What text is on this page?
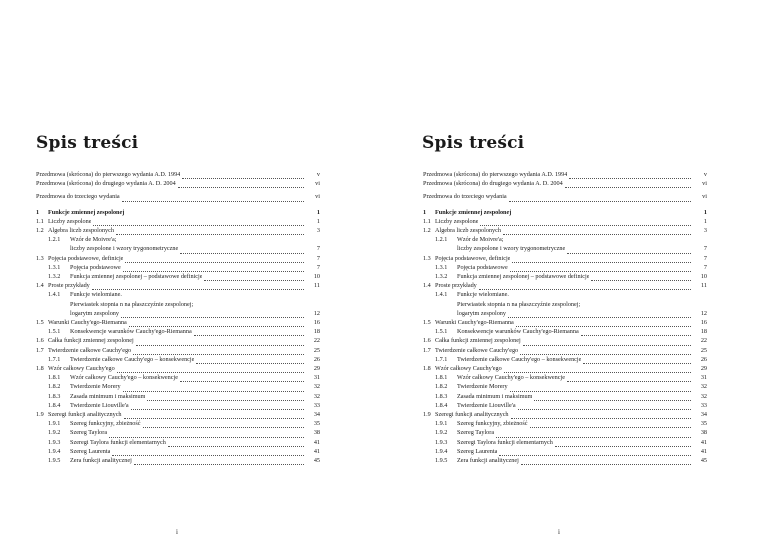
Spis treści
Przedmowa (skrócona) do pierwszego wydania A.D. 1994	v
Przedmowa (skrócona) do drugiego wydania A. D. 2004	vi
Przedmowa do trzeciego wydania	vi
1	Funkcje zmiennej zespolonej	1
1.1 Liczby zespolone	1
1.2 Algebra liczb zespolonych	3
1.2.1	Wzór de Moivre'a;
liczby zespolone i wzory trygonometryczne	7
1.3 Pojęcia podstawowe, definicje	7
1.3.1	Pojęcia podstawowe	7
1.3.2	Funkcja zmiennej zespolonej – podstawowe definicje	10
1.4 Proste przykłady	11
1.4.1	Funkcje wielomiane.
Pierwiastek stopnia n na płaszczyźnie zespolonej;
logarytm zespolony	12
1.5 Warunki Cauchy'ego-Riemanna	16
1.5.1	Konsekwencje warunków Cauchy'ego-Riemanna	18
1.6 Całka funkcji zmiennej zespolonej	22
1.7 Twierdzenie całkowe Cauchy'ego	25
1.7.1	Twierdzenie całkowe Cauchy'ego – konsekwencje	26
1.8 Wzór całkowy Cauchy'ego	29
1.8.1	Wzór całkowy Cauchy'ego – konsekwencje	31
1.8.2	Twierdzenie Morery	32
1.8.3	Zasada minimum i maksimum	32
1.8.4	Twierdzenie Liouville'a	33
1.9 Szeregi funkcji analitycznych	34
1.9.1	Szereg funkcyjny, zbieżność	35
1.9.2	Szereg Taylora	38
1.9.3	Szeregi Taylora funkcji elementarnych	41
1.9.4	Szereg Laurenta	41
1.9.5	Zera funkcji analitycznej	45
i
Spis treści
Przedmowa (skrócona) do pierwszego wydania A.D. 1994	v
Przedmowa (skrócona) do drugiego wydania A. D. 2004	vi
Przedmowa do trzeciego wydania	vi
1	Funkcje zmiennej zespolonej	1
1.1 Liczby zespolone	1
1.2 Algebra liczb zespolonych	3
1.2.1	Wzór de Moivre'a;
liczby zespolone i wzory trygonometryczne	7
1.3 Pojęcia podstawowe, definicje	7
1.3.1	Pojęcia podstawowe	7
1.3.2	Funkcja zmiennej zespolonej – podstawowe definicje	10
1.4 Proste przykłady	11
1.4.1	Funkcje wielomiane.
Pierwiastek stopnia n na płaszczyźnie zespolonej;
logarytm zespolony	12
1.5 Warunki Cauchy'ego-Riemanna	16
1.5.1	Konsekwencje warunków Cauchy'ego-Riemanna	18
1.6 Całka funkcji zmiennej zespolonej	22
1.7 Twierdzenie całkowe Cauchy'ego	25
1.7.1	Twierdzenie całkowe Cauchy'ego – konsekwencje	26
1.8 Wzór całkowy Cauchy'ego	29
1.8.1	Wzór całkowy Cauchy'ego – konsekwencje	31
1.8.2	Twierdzenie Morery	32
1.8.3	Zasada minimum i maksimum	32
1.8.4	Twierdzenie Liouville'a	33
1.9 Szeregi funkcji analitycznych	34
1.9.1	Szereg funkcyjny, zbieżność	35
1.9.2	Szereg Taylora	38
1.9.3	Szeregi Taylora funkcji elementarnych	41
1.9.4	Szereg Laurenta	41
1.9.5	Zera funkcji analitycznej	45
i
